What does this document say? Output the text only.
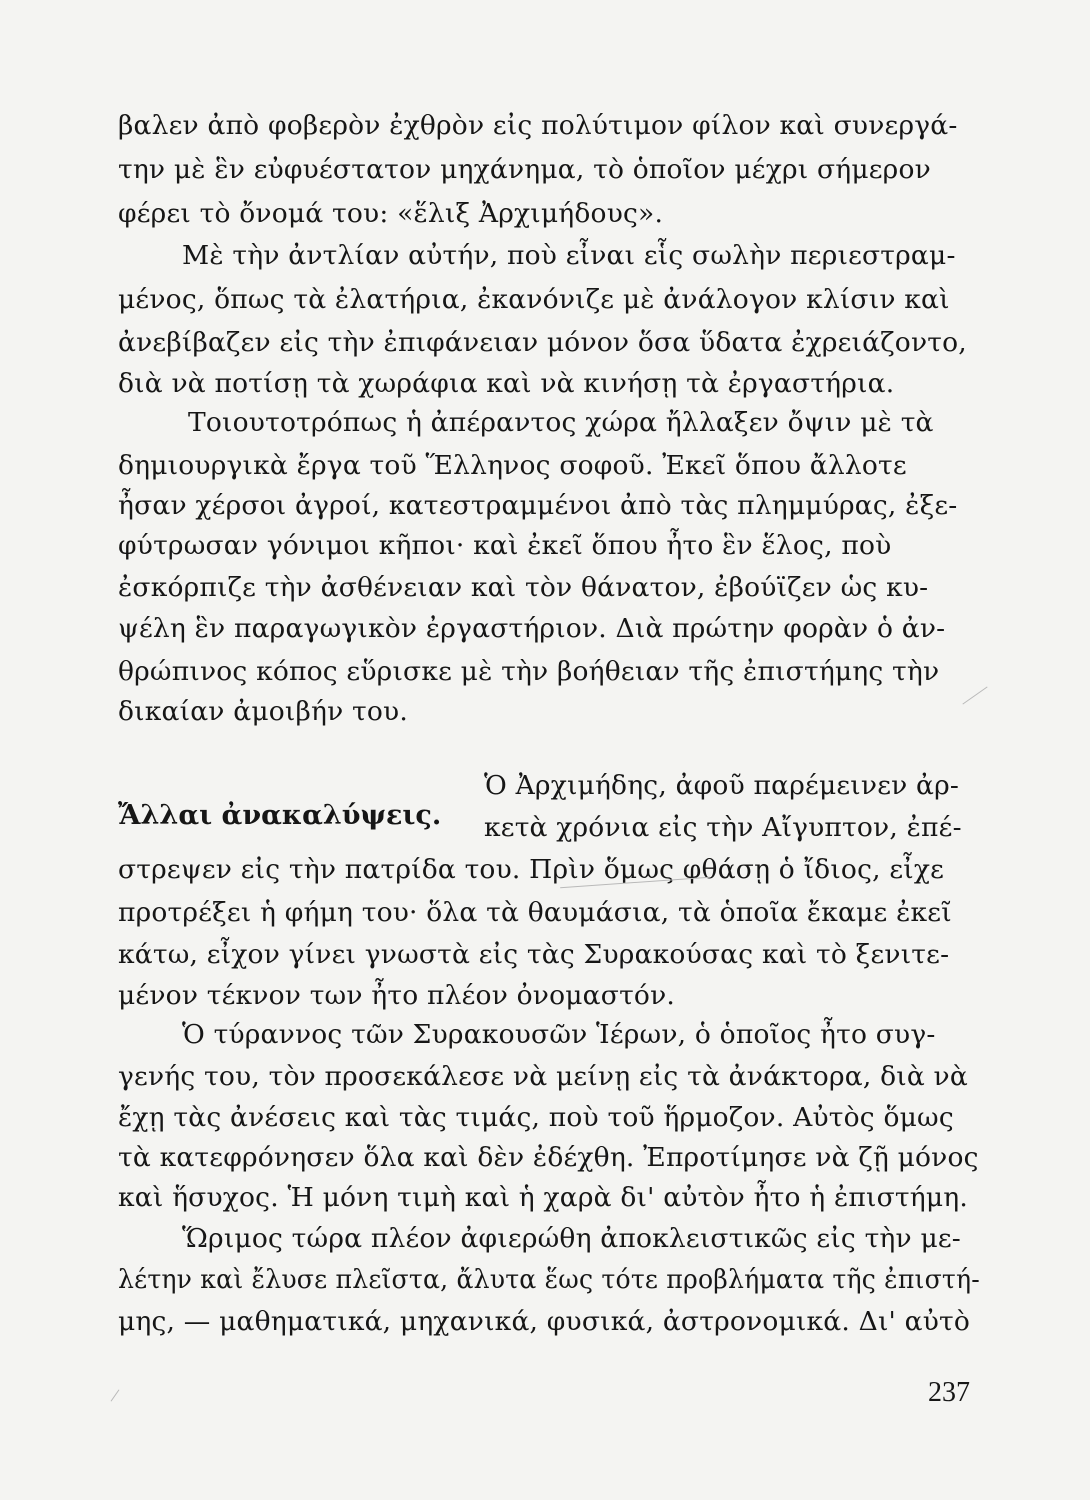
βαλεν ἀπὸ φοβερὸν ἐχθρὸν εἰς πολύτιμον φίλον καὶ συνεργά-
την μὲ ἓν εὐφυέστατον μηχάνημα, τὸ ὁποῖον μέχρι σήμερον
φέρει τὸ ὄνομά του: «ἕλιξ Ἀρχιμήδους».
Μὲ τὴν ἀντλίαν αὐτήν, ποὺ εἶναι εἷς σωλὴν περιεστραμ-
μένος, ὅπως τὰ ἐλατήρια, ἐκανόνιζε μὲ ἀνάλογον κλίσιν καὶ
ἀνεβίβαζεν εἰς τὴν ἐπιφάνειαν μόνον ὅσα ὕδατα ἐχρειάζοντο,
διὰ νὰ ποτίσῃ τὰ χωράφια καὶ νὰ κινήσῃ τὰ ἐργαστήρια.
Τοιουτοτρόπως ἡ ἀπέραντος χώρα ἤλλαξεν ὄψιν μὲ τὰ
δημιουργικὰ ἔργα τοῦ Ἕλληνος σοφοῦ. Ἐκεῖ ὅπου ἄλλοτε
ἦσαν χέρσοι ἀγροί, κατεστραμμένοι ἀπὸ τὰς πλημμύρας, ἐξε-
φύτρωσαν γόνιμοι κῆποι· καὶ ἐκεῖ ὅπου ἦτο ἓν ἕλος, ποὺ
ἐσκόρπιζε τὴν ἀσθένειαν καὶ τὸν θάνατον, ἐβούϊζεν ὡς κυ-
ψέλη ἓν παραγωγικὸν ἐργαστήριον. Διὰ πρώτην φορὰν ὁ ἀν-
θρώπινος κόπος εὕρισκε μὲ τὴν βοήθειαν τῆς ἐπιστήμης τὴν
δικαίαν ἀμοιβήν του.
Ἄλλαι ἀνακαλύψεις.
Ὁ Ἀρχιμήδης, ἀφοῦ παρέμεινεν ἀρ-
κετὰ χρόνια εἰς τὴν Αἴγυπτον, ἐπέ-
στρεψεν εἰς τὴν πατρίδα του. Πρὶν ὅμως φθάσῃ ὁ ἴδιος, εἶχε
προτρέξει ἡ φήμη του· ὅλα τὰ θαυμάσια, τὰ ὁποῖα ἔκαμε ἐκεῖ
κάτω, εἶχον γίνει γνωστὰ εἰς τὰς Συρακούσας καὶ τὸ ξενιτε-
μένον τέκνον των ἦτο πλέον ὀνομαστόν.
Ὁ τύραννος τῶν Συρακουσῶν Ἱέρων, ὁ ὁποῖος ἦτο συγ-
γενής του, τὸν προσεκάλεσε νὰ μείνῃ εἰς τὰ ἀνάκτορα, διὰ νὰ
ἔχῃ τὰς ἀνέσεις καὶ τὰς τιμάς, ποὺ τοῦ ἥρμοζον. Αὐτὸς ὅμως
τὰ κατεφρόνησεν ὅλα καὶ δὲν ἐδέχθη. Ἐπροτίμησε νὰ ζῇ μόνος
καὶ ἥσυχος. Ἡ μόνη τιμὴ καὶ ἡ χαρὰ δι' αὐτὸν ἦτο ἡ ἐπιστήμη.
Ὥριμος τώρα πλέον ἀφιερώθη ἀποκλειστικῶς εἰς τὴν με-
λέτην καὶ ἔλυσε πλεῖστα, ἄλυτα ἕως τότε προβλήματα τῆς ἐπιστή-
μης, — μαθηματικά, μηχανικά, φυσικά, ἀστρονομικά. Δι' αὐτὸ
237
